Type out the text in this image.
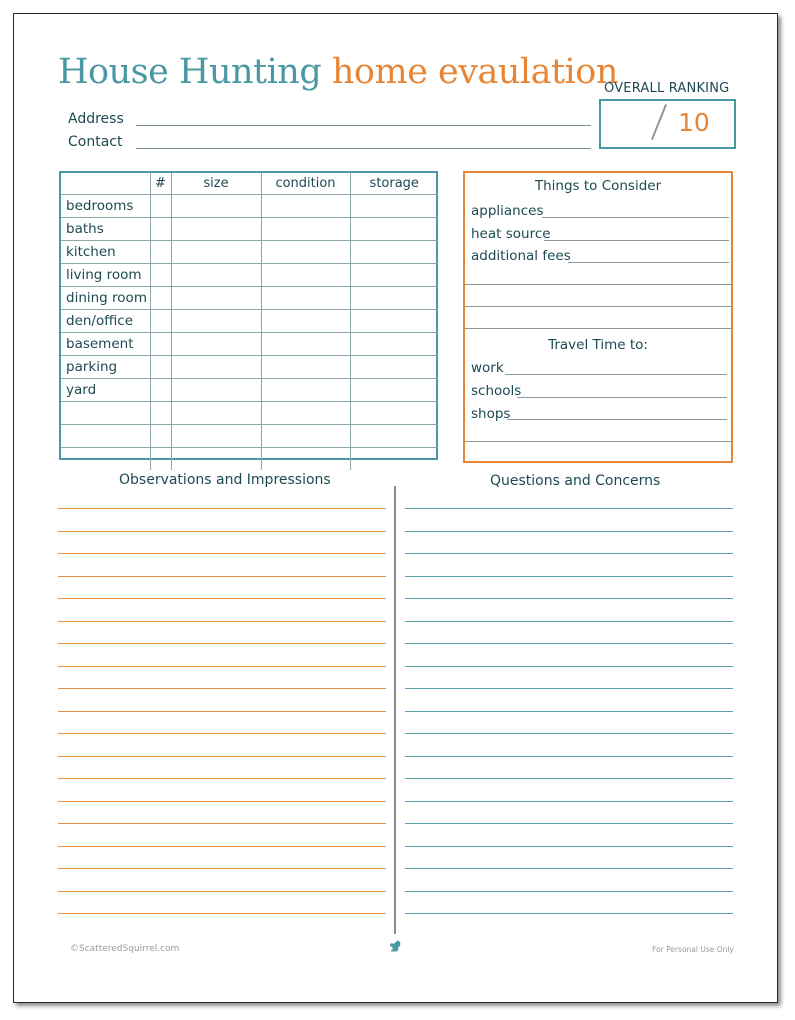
House Hunting home evaulation
Address
Contact
OVERALL RANKING
10
	#	size	condition	storage
bedrooms				
baths				
kitchen				
living room				
dining room				
den/office				
basement				
parking				
yard				

Things to Consider
appliances
heat source
additional fees
Travel Time to:
work
schools
shops
Observations and Impressions	Questions and Concerns
©ScatteredSquirrel.com	For Personal Use Only
